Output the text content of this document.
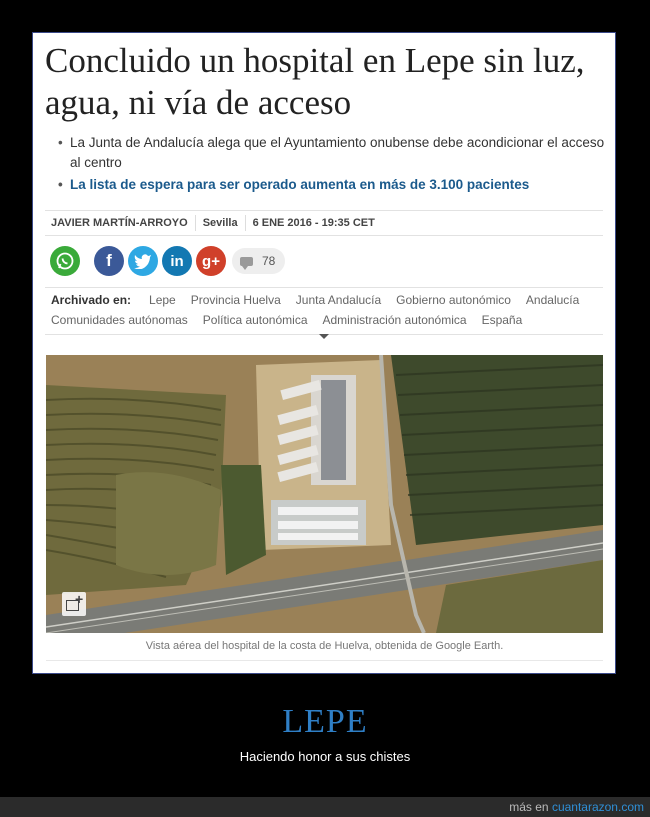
Concluido un hospital en Lepe sin luz, agua, ni vía de acceso
• La Junta de Andalucía alega que el Ayuntamiento onubense debe acondicionar el acceso al centro
• La lista de espera para ser operado aumenta en más de 3.100 pacientes
JAVIER MARTÍN-ARROYO	Sevilla	6 ENE 2016 - 19:35 CET
f	in	g+	78
Archivado en: Lepe Provincia Huelva Junta Andalucía Gobierno autonómico Andalucía
Comunidades autónomas Política autonómica Administración autonómica España
+
Vista aérea del hospital de la costa de Huelva, obtenida de Google Earth.
LEPE
Haciendo honor a sus chistes
más en cuantarazon.com
